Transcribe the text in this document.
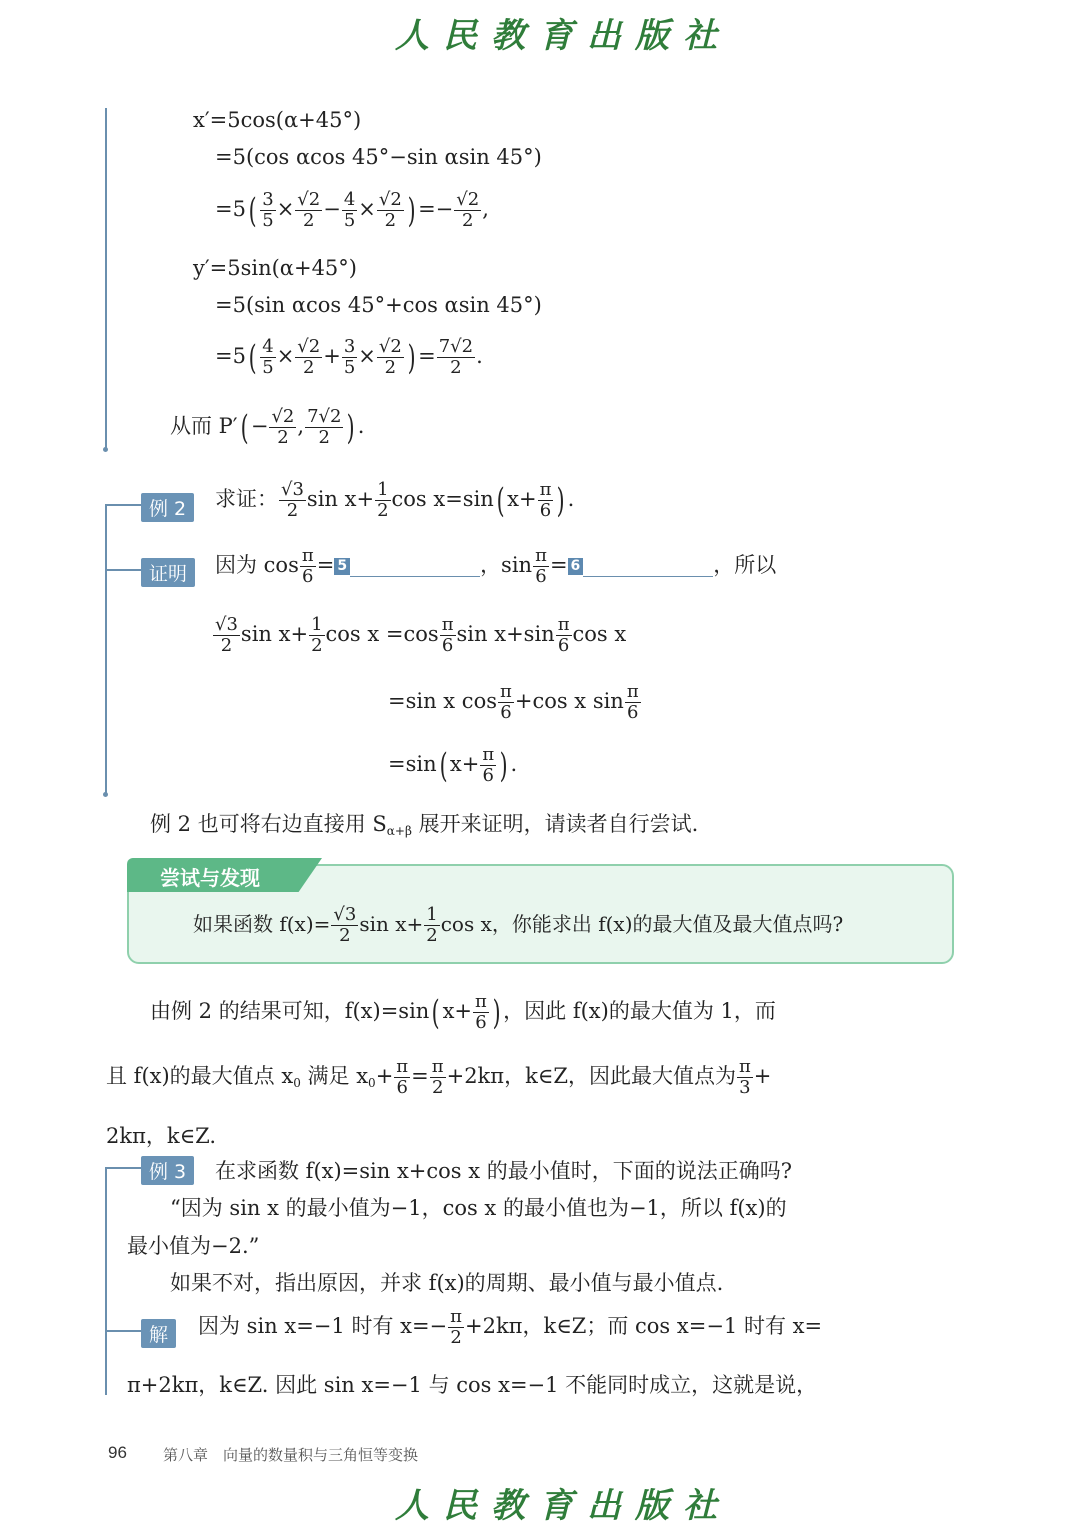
人民教育出版社
x′=5cos(α+45°)
=5(cos αcos 45°−sin αsin 45°)
$=5( \frac{3}{5} \times \frac{√2}{2} - \frac{4}{5} \times \frac{√2}{2}$ ) =− $\frac{√2}{2}$ ,
y′=5sin(α+45°)
=5(sin αcos 45°+cos αsin 45°)
$=5( \frac{4}{5} \times \frac{√2}{2} + \frac{3}{5} \times \frac{√2}{2}$ ) = $\frac{7√2}{2}$ .
从而 $P'( - \frac{√2}{2}$ , $\frac{7√2}{2}$ ) .
例 2	求证： $\frac{√3}{2}$ $\sin x+ \frac{1}{2}$ cos x=sin( $x+ \frac{\pi}{6}$ ) .
证明	因为 $\cos \frac{\pi}{6} = 5$	，$\sin \frac{\pi}{6} = 6$	，所以
$\frac{√3}{2}$ $\sin x+ \frac{1}{2}$ $\cos x =\cos \frac{\pi}{6}$ $\sin x+\sin \frac{\pi}{6}$ cos x
=sin x $\cos \frac{\pi}{6} +\cos$ x $\sin \frac{\pi}{6}$
=sin( $x+ \frac{\pi}{6}$ ) .
例 2 也可将右边直接用 $S_{\alpha+\beta}$ 展开来证明，请读者自行尝试.
尝试与发现
如果函数 $f(x)= \frac{√3}{2}$ $\sin x+ \frac{1}{2}$ cos x，你能求出 f(x)的最大值及最大值点吗?
由例 2 的结果可知，f(x)=sin( $x+ \frac{\pi}{6}$ ) ，因此 f(x)的最大值为 1，而
且 f(x)的最大值点 $x_0$ 满足 $x_0+ \frac{\pi}{6} = \frac{\pi}{2} +2k\pi$，k∈Z，因此最大值点为 $\frac{\pi}{3}$ +
2kπ，k∈Z.
例 3	在求函数 f(x)=sin x+cos x 的最小值时，下面的说法正确吗?
“因为 sin x 的最小值为−1，cos x 的最小值也为−1，所以 f(x)的
最小值为−2.”
如果不对，指出原因，并求 f(x)的周期、最小值与最小值点.
解	因为 sin x=−1 时有 $x=- \frac{\pi}{2} +2k\pi$，k∈Z；而 cos x=−1 时有 x=
π+2kπ，k∈Z. 因此 sin x=−1 与 cos x=−1 不能同时成立，这就是说，
96 第八章　向量的数量积与三角恒等变换
人民教育出版社
